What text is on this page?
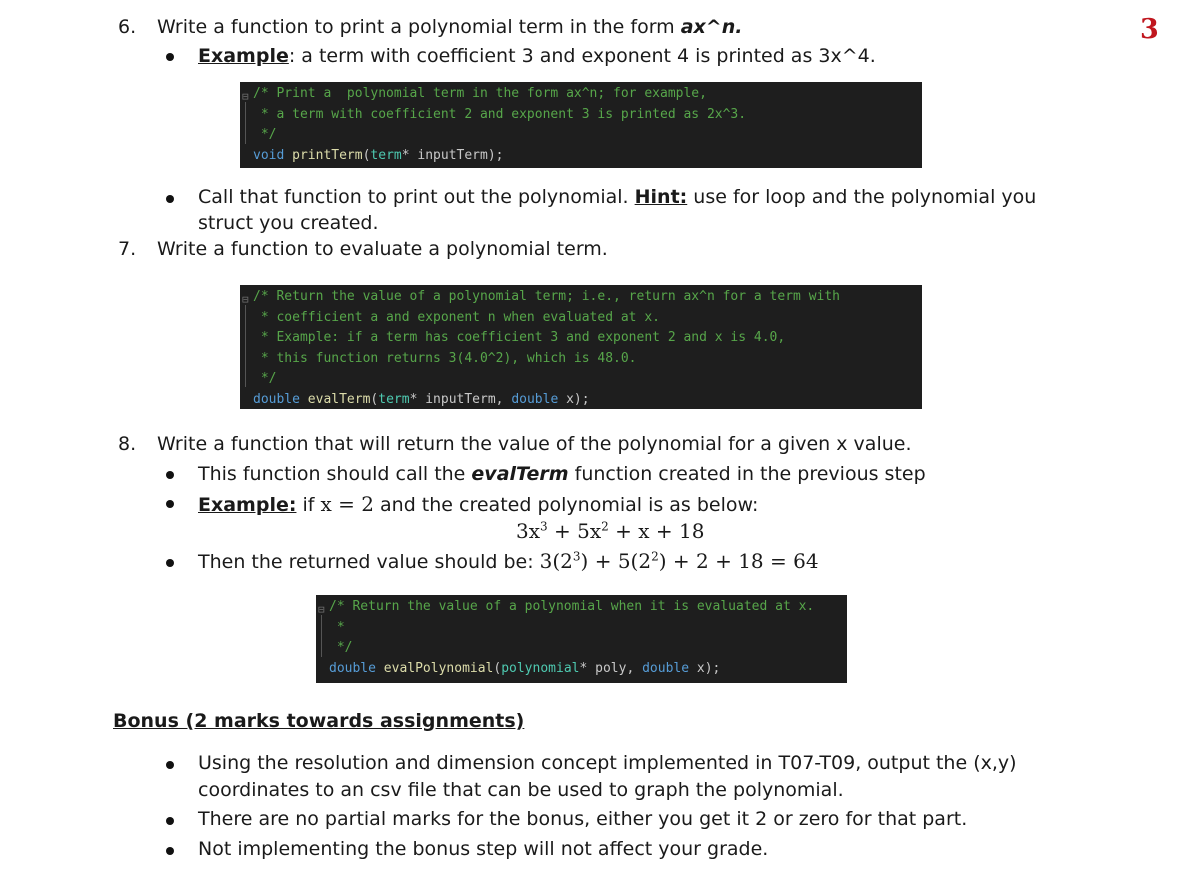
3
6. Write a function to print a polynomial term in the form ax^n.
Example: a term with coefficient 3 and exponent 4 is printed as 3x^4.
⊟ /* Print a  polynomial term in the form ax^n; for example,
* a term with coefficient 2 and exponent 3 is printed as 2x^3.
*/
void printTerm(term* inputTerm);
Call that function to print out the polynomial. Hint: use for loop and the polynomial you
struct you created.
7. Write a function to evaluate a polynomial term.
⊟ /* Return the value of a polynomial term; i.e., return ax^n for a term with
* coefficient a and exponent n when evaluated at x.
* Example: if a term has coefficient 3 and exponent 2 and x is 4.0,
* this function returns 3(4.0^2), which is 48.0.
*/
double evalTerm(term* inputTerm, double x);
8. Write a function that will return the value of the polynomial for a given x value.
This function should call the evalTerm function created in the previous step
Example: if x = 2 and the created polynomial is as below:
$3x^3 + 5x^2 + x + 18$
Then the returned value should be: $3(2^3) + 5(2^2) + 2 + 18 = 64$
⊟ /* Return the value of a polynomial when it is evaluated at x.
*
*/
double evalPolynomial(polynomial* poly, double x);
Bonus (2 marks towards assignments)
Using the resolution and dimension concept implemented in T07-T09, output the (x,y)
coordinates to an csv file that can be used to graph the polynomial.
There are no partial marks for the bonus, either you get it 2 or zero for that part.
Not implementing the bonus step will not affect your grade.
